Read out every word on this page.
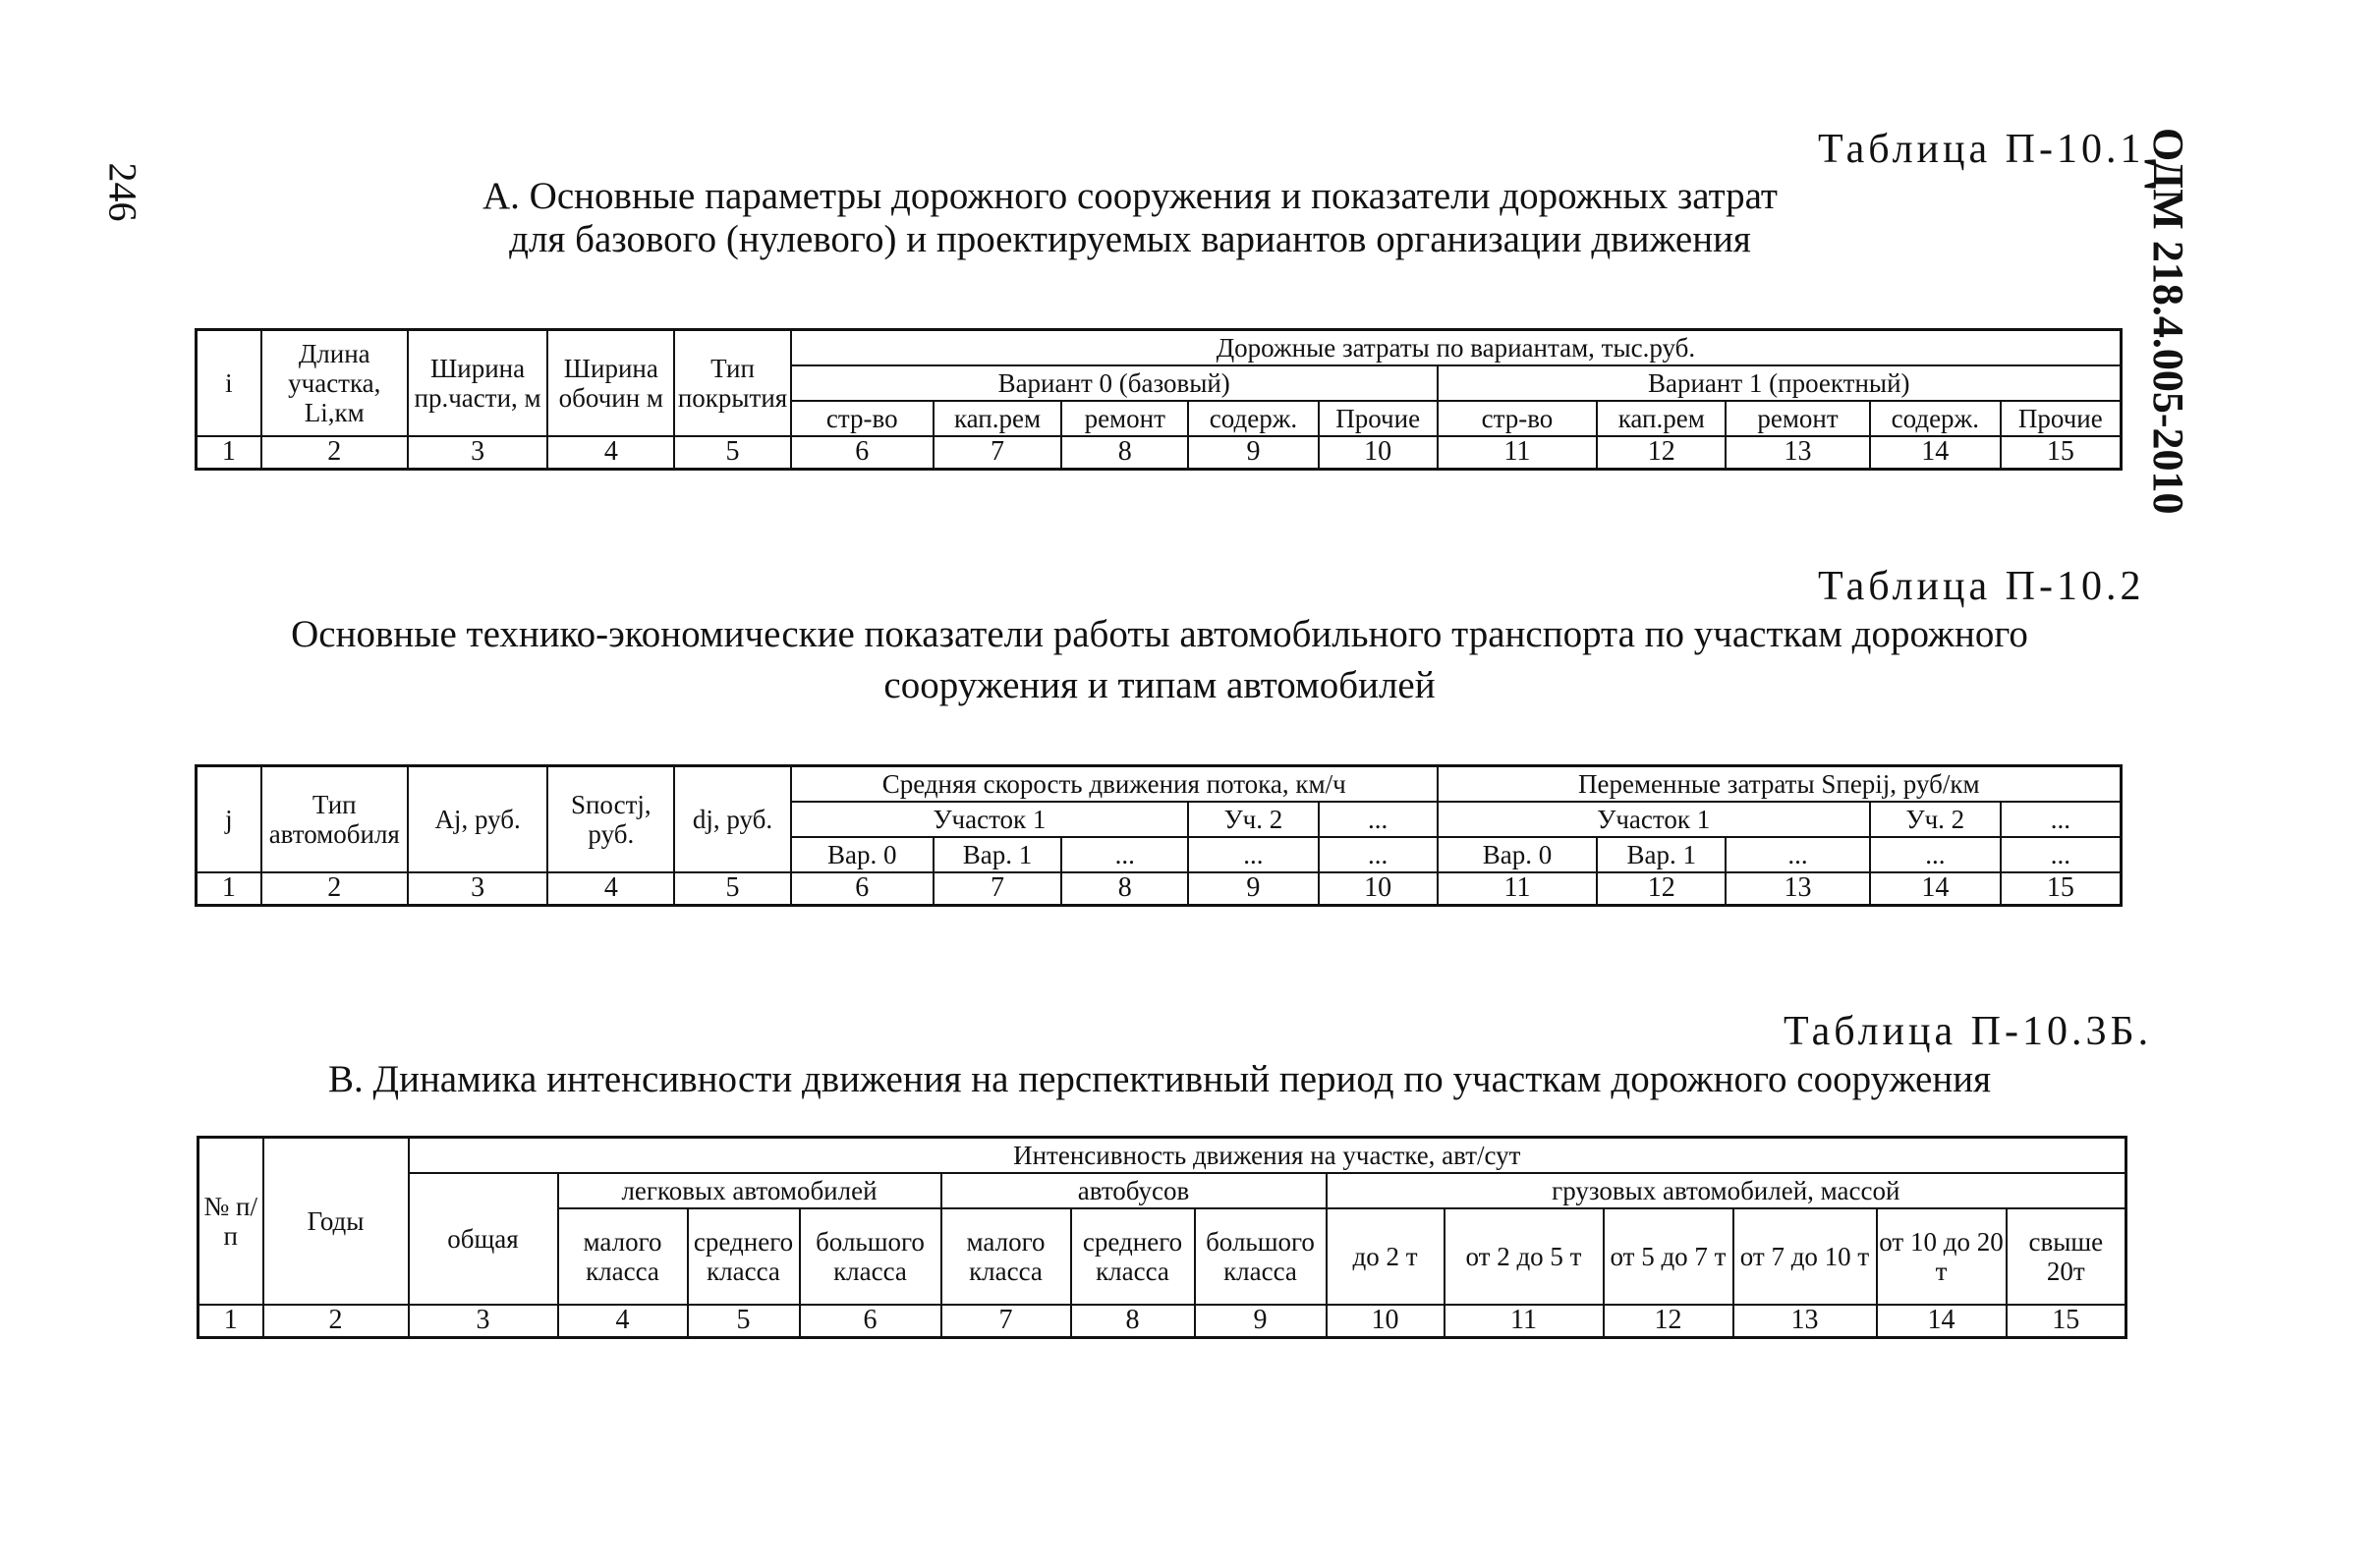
246	ОДМ 218.4.005-2010
Таблица П-10.1
А. Основные параметры дорожного сооружения и показатели дорожных затрат
для базового (нулевого) и проектируемых вариантов организации движения
i	Длина участка, Li,км	Ширина пр.части, м	Ширина обочин м	Тип покрытия	Дорожные затраты по вариантам, тыс.руб.									
					Вариант 0 (базовый)					Вариант 1 (проектный)				
					стр-во	кап.рем	ремонт	содерж.	Прочие	стр-во	кап.рем	ремонт	содерж.	Прочие
1	2	3	4	5	6	7	8	9	10	11	12	13	14	15
Таблица П-10.2
Основные технико-экономические показатели работы автомобильного транспорта по участкам дорожного
сооружения и типам автомобилей
j	Тип автомобиля	Aj, руб.	Sпостj, руб.	dj, руб.	Средняя скорость движения потока, км/ч					Переменные затраты Sперij, руб/км				
					Участок 1			Уч. 2	...	Участок 1			Уч. 2	...
					Вар. 0	Вар. 1	...	...	...	Вар. 0	Вар. 1	...	...	...
1	2	3	4	5	6	7	8	9	10	11	12	13	14	15
Таблица П-10.3Б.
В. Динамика интенсивности движения на перспективный период по участкам дорожного сооружения
№ п/п	Годы	Интенсивность движения на участке, авт/сут												
		общая	легковых автомобилей			автобусов			грузовых автомобилей, массой					
			малого класса	среднего класса	большого класса	малого класса	среднего класса	большого класса	до 2 т	от 2 до 5 т	от 5 до 7 т	от 7 до 10 т	от 10 до 20 т	свыше 20т
1	2	3	4	5	6	7	8	9	10	11	12	13	14	15
